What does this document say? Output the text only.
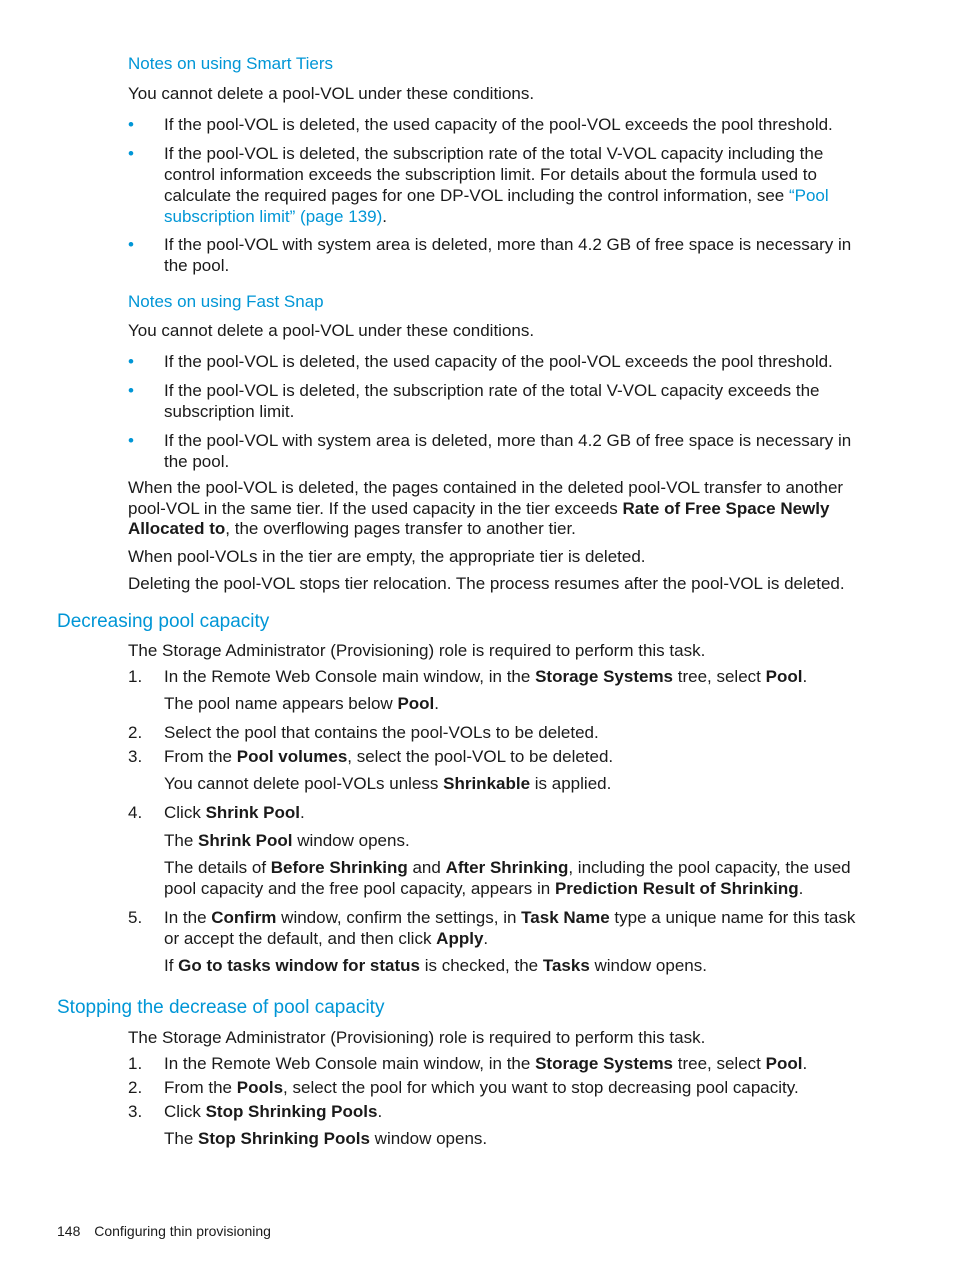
Notes on using Smart Tiers
You cannot delete a pool-VOL under these conditions.
• If the pool-VOL is deleted, the used capacity of the pool-VOL exceeds the pool threshold.
• If the pool-VOL is deleted, the subscription rate of the total V-VOL capacity including the control information exceeds the subscription limit. For details about the formula used to calculate the required pages for one DP-VOL including the control information, see “Pool subscription limit” (page 139).
• If the pool-VOL with system area is deleted, more than 4.2 GB of free space is necessary in the pool.
Notes on using Fast Snap
You cannot delete a pool-VOL under these conditions.
• If the pool-VOL is deleted, the used capacity of the pool-VOL exceeds the pool threshold.
• If the pool-VOL is deleted, the subscription rate of the total V-VOL capacity exceeds the subscription limit.
• If the pool-VOL with system area is deleted, more than 4.2 GB of free space is necessary in the pool.
When the pool-VOL is deleted, the pages contained in the deleted pool-VOL transfer to another pool-VOL in the same tier. If the used capacity in the tier exceeds Rate of Free Space Newly Allocated to, the overflowing pages transfer to another tier.
When pool-VOLs in the tier are empty, the appropriate tier is deleted.
Deleting the pool-VOL stops tier relocation. The process resumes after the pool-VOL is deleted.
Decreasing pool capacity
The Storage Administrator (Provisioning) role is required to perform this task.
1. In the Remote Web Console main window, in the Storage Systems tree, select Pool.
The pool name appears below Pool.
2. Select the pool that contains the pool-VOLs to be deleted.
3. From the Pool volumes, select the pool-VOL to be deleted.
You cannot delete pool-VOLs unless Shrinkable is applied.
4. Click Shrink Pool.
The Shrink Pool window opens.
The details of Before Shrinking and After Shrinking, including the pool capacity, the used pool capacity and the free pool capacity, appears in Prediction Result of Shrinking.
5. In the Confirm window, confirm the settings, in Task Name type a unique name for this task or accept the default, and then click Apply.
If Go to tasks window for status is checked, the Tasks window opens.
Stopping the decrease of pool capacity
The Storage Administrator (Provisioning) role is required to perform this task.
1. In the Remote Web Console main window, in the Storage Systems tree, select Pool.
2. From the Pools, select the pool for which you want to stop decreasing pool capacity.
3. Click Stop Shrinking Pools.
The Stop Shrinking Pools window opens.
148 Configuring thin provisioning
